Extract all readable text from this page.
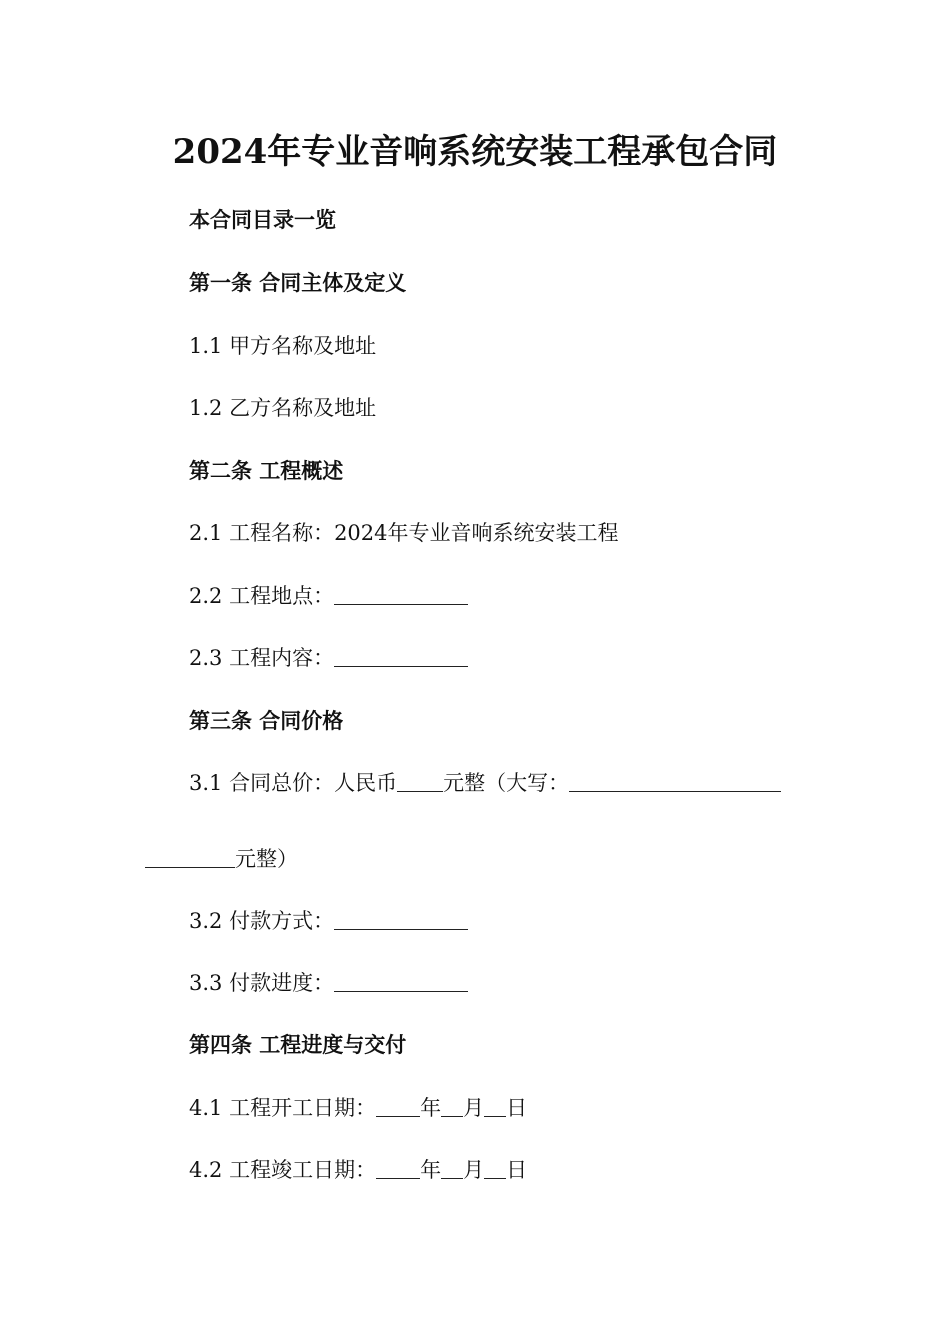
2024年专业音响系统安装工程承包合同
本合同目录一览
第一条 合同主体及定义
1.1 甲方名称及地址
1.2 乙方名称及地址
第二条 工程概述
2.1 工程名称：2024年专业音响系统安装工程
2.2 工程地点：
2.3 工程内容：
第三条 合同价格
3.1 合同总价：人民币 元整（大写：
元整）
3.2 付款方式：
3.3 付款进度：
第四条 工程进度与交付
4.1 工程开工日期： 年 月 日
4.2 工程竣工日期： 年 月 日
